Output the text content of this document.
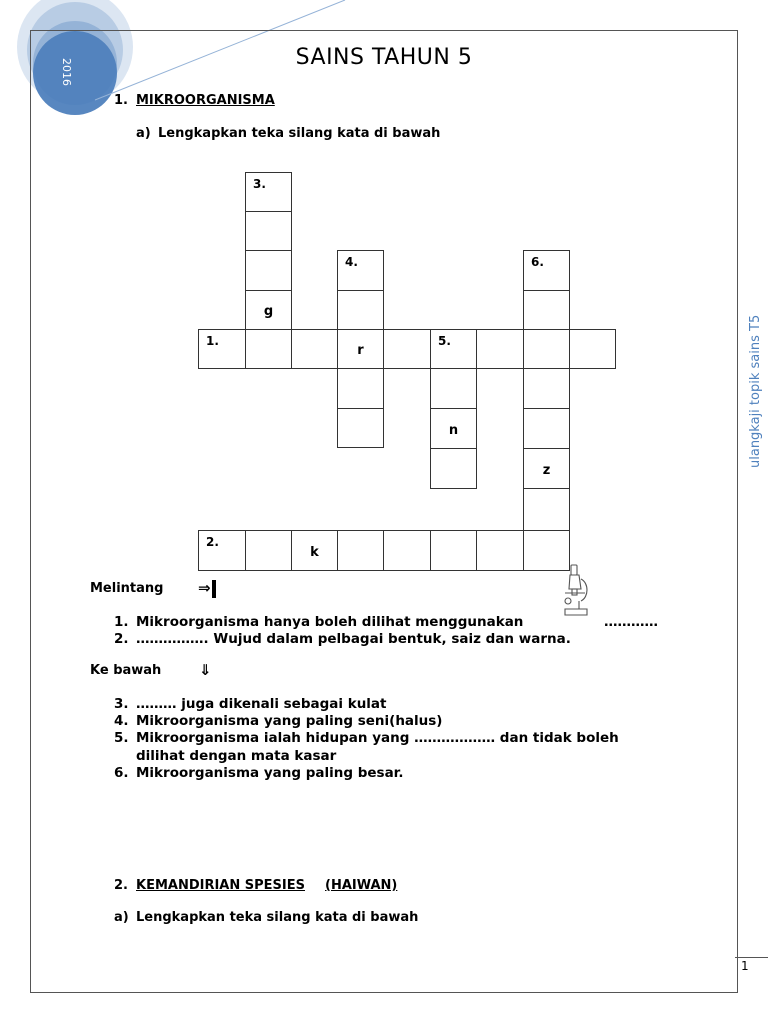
2016
SAINS TAHUN 5
1. MIKROORGANISMA
a) Lengkapkan teka silang kata di bawah
3.
g
4.	6.
z
n
1.
r
5.
2.
k
Melintang ⇒
1. Mikroorganisma hanya boleh dilihat menggunakan	…………
2. ……………. Wujud dalam pelbagai bentuk, saiz dan warna.
Ke bawah	⇓
3. ……… juga dikenali sebagai kulat
4. Mikroorganisma yang paling seni(halus)
5. Mikroorganisma ialah hidupan yang ……………… dan tidak boleh
dilihat dengan mata kasar
6. Mikroorganisma yang paling besar.
2. KEMANDIRIAN SPESIES (HAIWAN)
a) Lengkapkan teka silang kata di bawah
ulangkaji topik sains T5
1
